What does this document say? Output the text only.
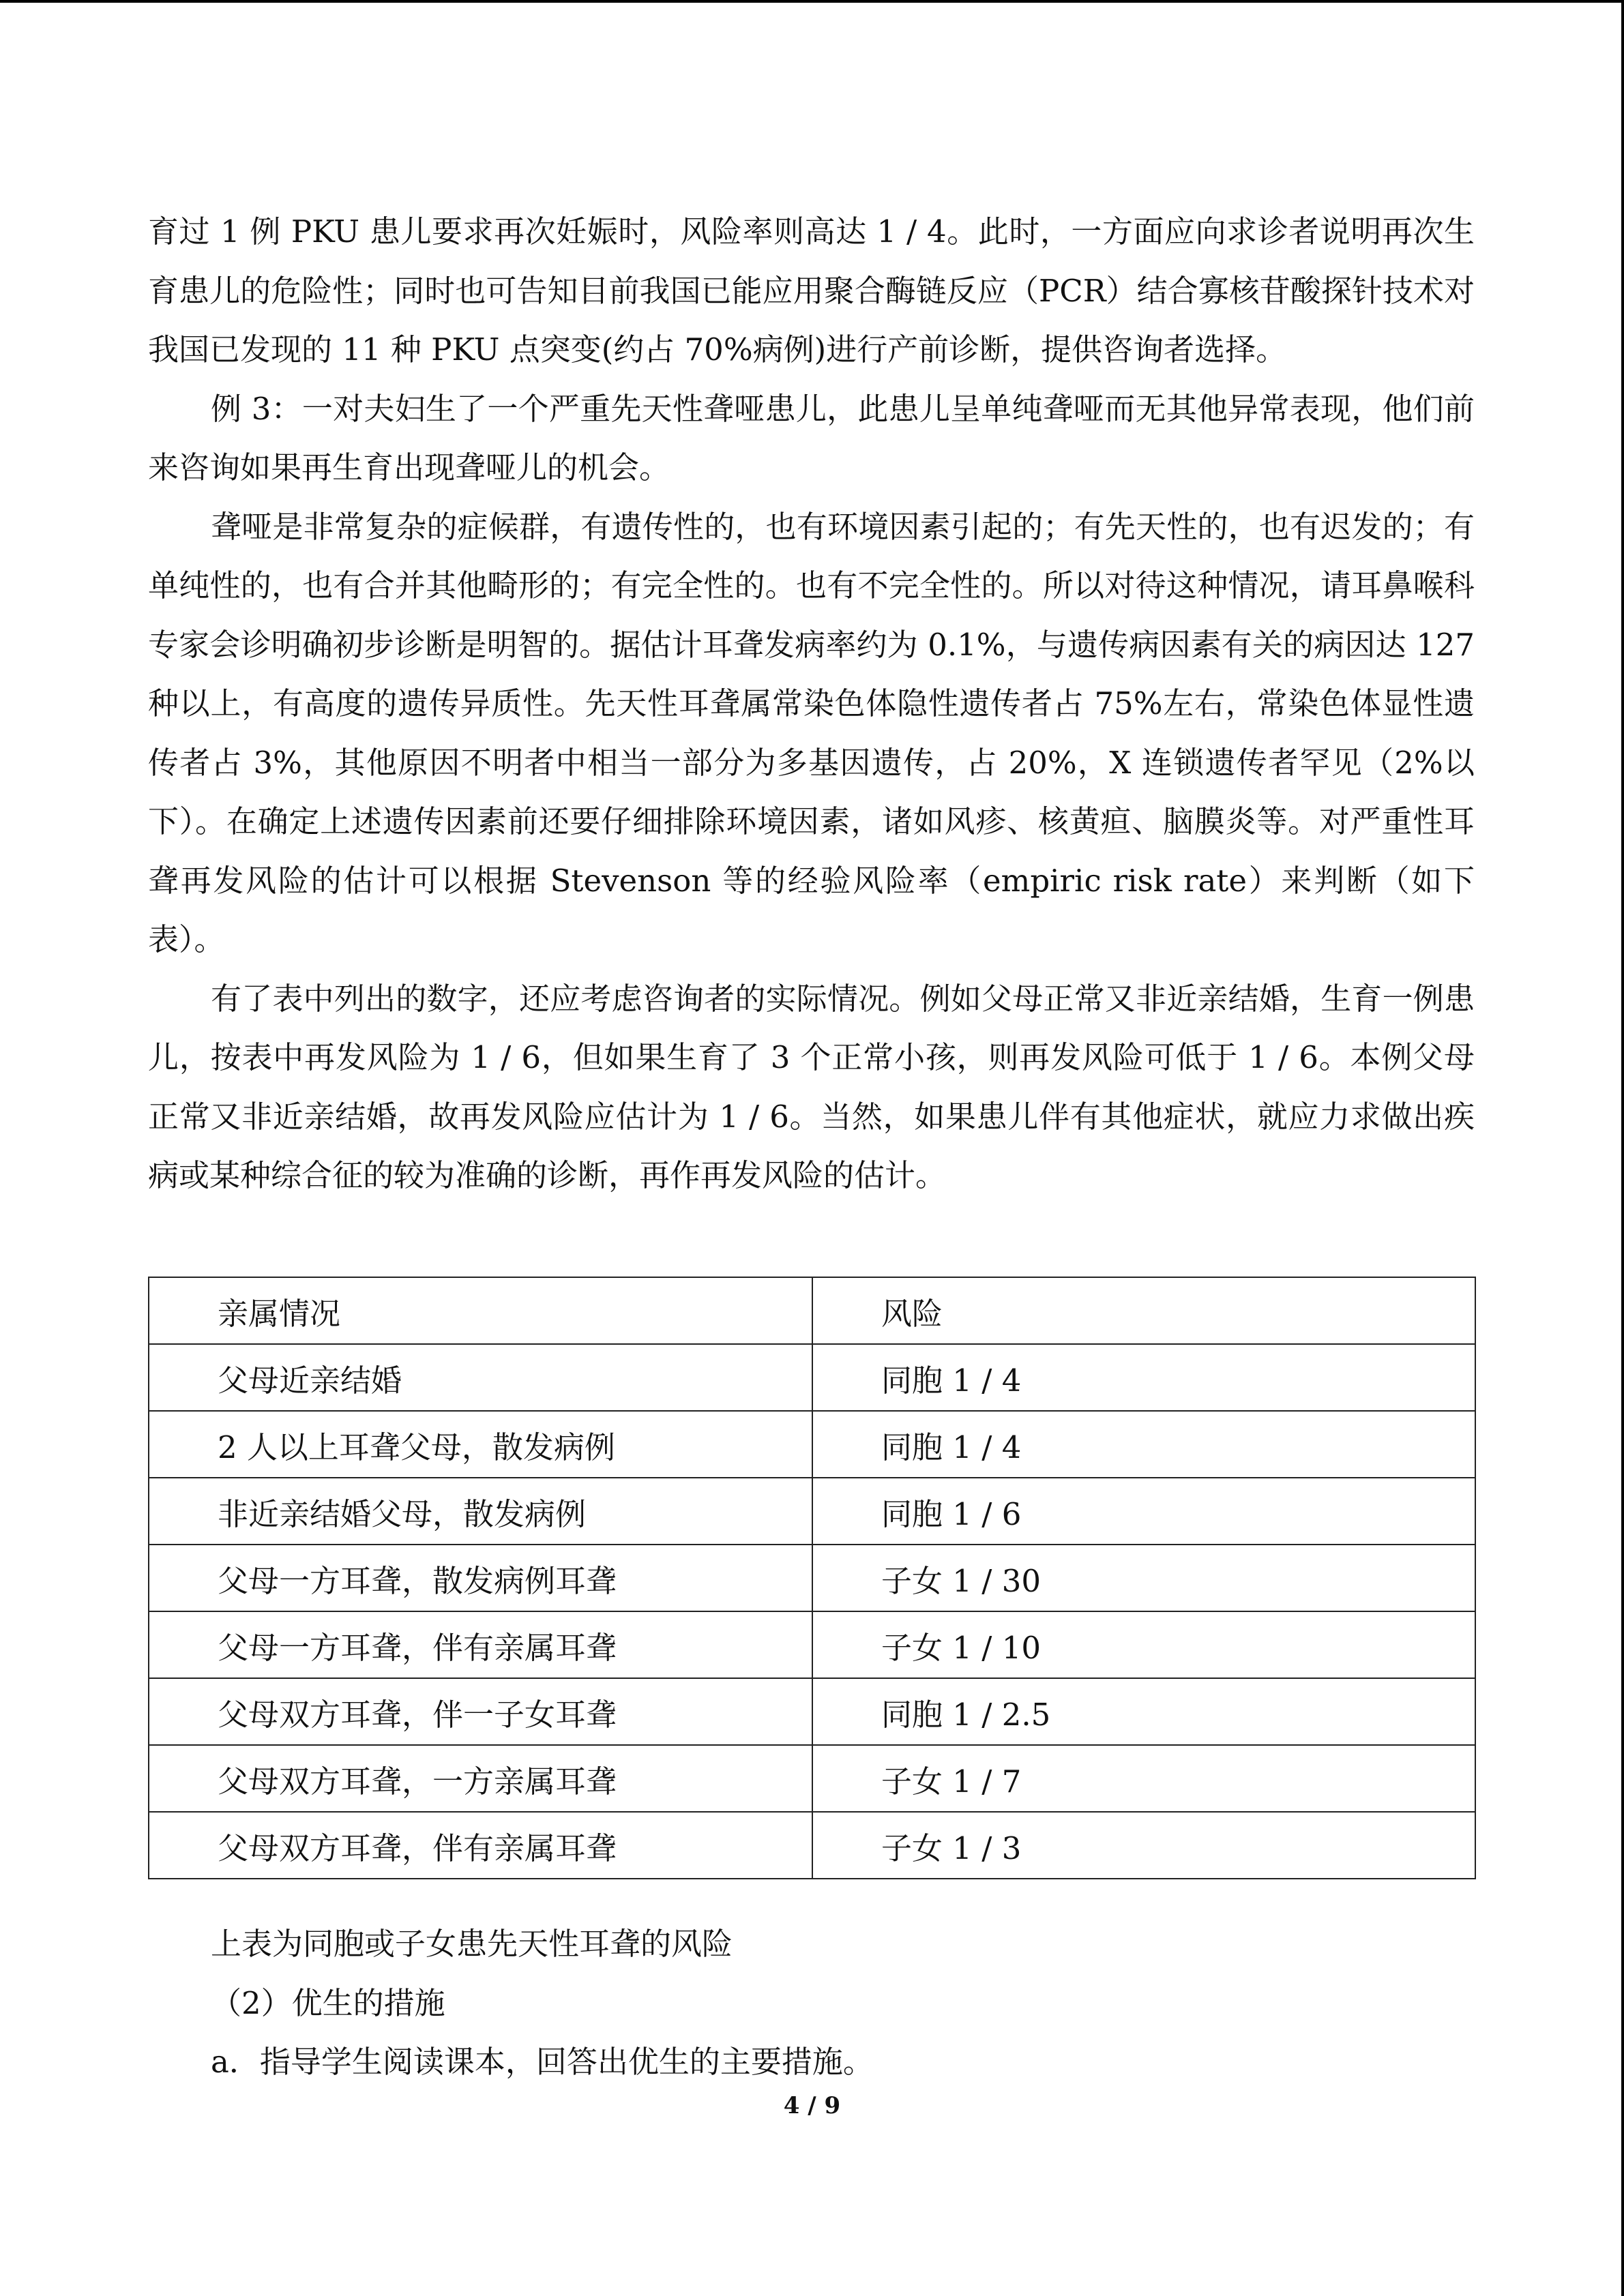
育过 1 例 PKU 患儿要求再次妊娠时，风险率则高达 1 / 4。此时，一方面应向求诊者说明再次生育患儿的危险性；同时也可告知目前我国已能应用聚合酶链反应（PCR）结合寡核苷酸探针技术对我国已发现的 11 种 PKU 点突变(约占 70%病例)进行产前诊断，提供咨询者选择。

例 3：一对夫妇生了一个严重先天性聋哑患儿，此患儿呈单纯聋哑而无其他异常表现，他们前来咨询如果再生育出现聋哑儿的机会。

聋哑是非常复杂的症候群，有遗传性的，也有环境因素引起的；有先天性的，也有迟发的；有单纯性的，也有合并其他畸形的；有完全性的。也有不完全性的。所以对待这种情况，请耳鼻喉科专家会诊明确初步诊断是明智的。据估计耳聋发病率约为 0.1%，与遗传病因素有关的病因达 127 种以上，有高度的遗传异质性。先天性耳聋属常染色体隐性遗传者占 75%左右，常染色体显性遗传者占 3%，其他原因不明者中相当一部分为多基因遗传，占 20%，X 连锁遗传者罕见（2%以下）。在确定上述遗传因素前还要仔细排除环境因素，诸如风疹、核黄疸、脑膜炎等。对严重性耳聋再发风险的估计可以根据 Stevenson 等的经验风险率（empiric risk rate）来判断（如下表）。

有了表中列出的数字，还应考虑咨询者的实际情况。例如父母正常又非近亲结婚，生育一例患儿，按表中再发风险为 1 / 6，但如果生育了 3 个正常小孩，则再发风险可低于 1 / 6。本例父母正常又非近亲结婚，故再发风险应估计为 1 / 6。当然，如果患儿伴有其他症状，就应力求做出疾病或某种综合征的较为准确的诊断，再作再发风险的估计。

亲属情况	风险
父母近亲结婚	同胞 1 / 4
2 人以上耳聋父母，散发病例	同胞 1 / 4
非近亲结婚父母，散发病例	同胞 1 / 6
父母一方耳聋，散发病例耳聋	子女 1 / 30
父母一方耳聋，伴有亲属耳聋	子女 1 / 10
父母双方耳聋，伴一子女耳聋	同胞 1 / 2.5
父母双方耳聋，一方亲属耳聋	子女 1 / 7
父母双方耳聋，伴有亲属耳聋	子女 1 / 3

上表为同胞或子女患先天性耳聋的风险

（2）优生的措施

a．指导学生阅读课本，回答出优生的主要措施。

4 / 9
